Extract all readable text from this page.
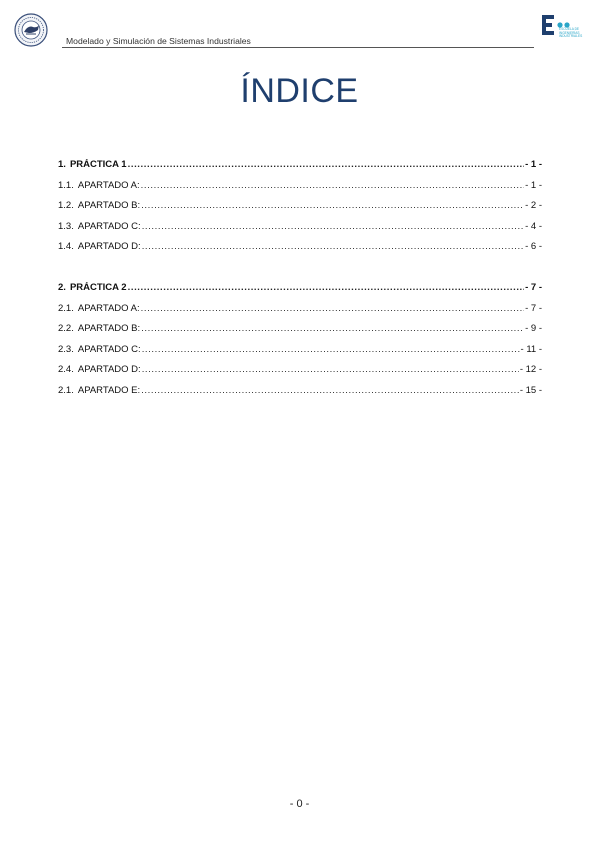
Modelado y Simulación de Sistemas Industriales
ESCUELA DE
INGENIERÍAS
INDUSTRIALES
ÍNDICE
1. PRÁCTICA 1 .....	- 1 -
1.1. APARTADO A: .....	- 1 -
1.2. APARTADO B: .....	- 2 -
1.3. APARTADO C: .....	- 4 -
1.4. APARTADO D: .....	- 6 -
2. PRÁCTICA 2 .....	- 7 -
2.1. APARTADO A: .....	- 7 -
2.2. APARTADO B: .....	- 9 -
2.3. APARTADO C: .....	- 11 -
2.4. APARTADO D: .....	- 12 -
2.1. APARTADO E: .....	- 15 -
- 0 -
